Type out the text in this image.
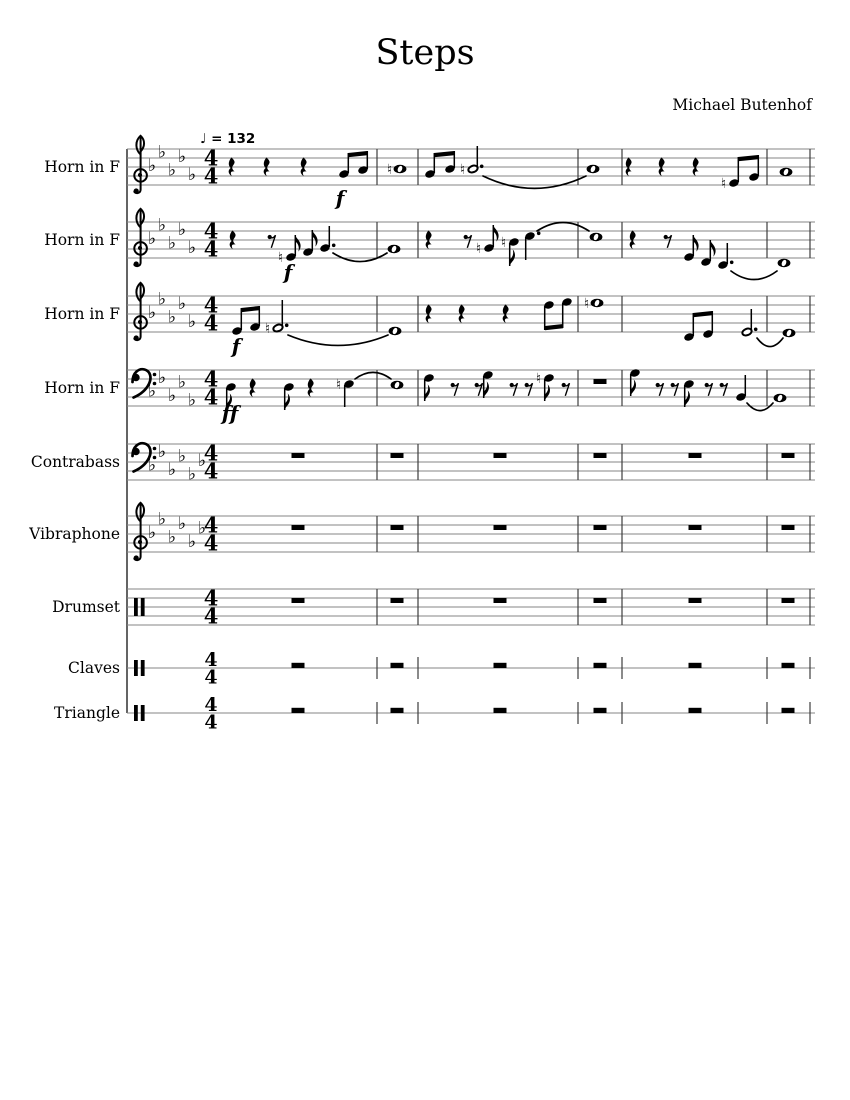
Steps
Michael Butenhof
♩ = 132
Horn in F ♭
♭
♭
♭
♭
4
4
f
♮	♮
♮
Horn in F ♭
♭
♭
♭
♭
4
4	♮
f
♮ ♮
Horn in F ♭
♭
♭
♭
♭
4
4	♮
f
♮
Horn in F ♭
♭
♭
♭
♭
4
4	♮
ff
♮
Contrabass ♭
♭
♭
♭
♭
♭
4
4
Vibraphone ♭
♭
♭
♭
♭
♭
4
4
Drumset	4
4
Claves	4
4
Triangle	4
4
